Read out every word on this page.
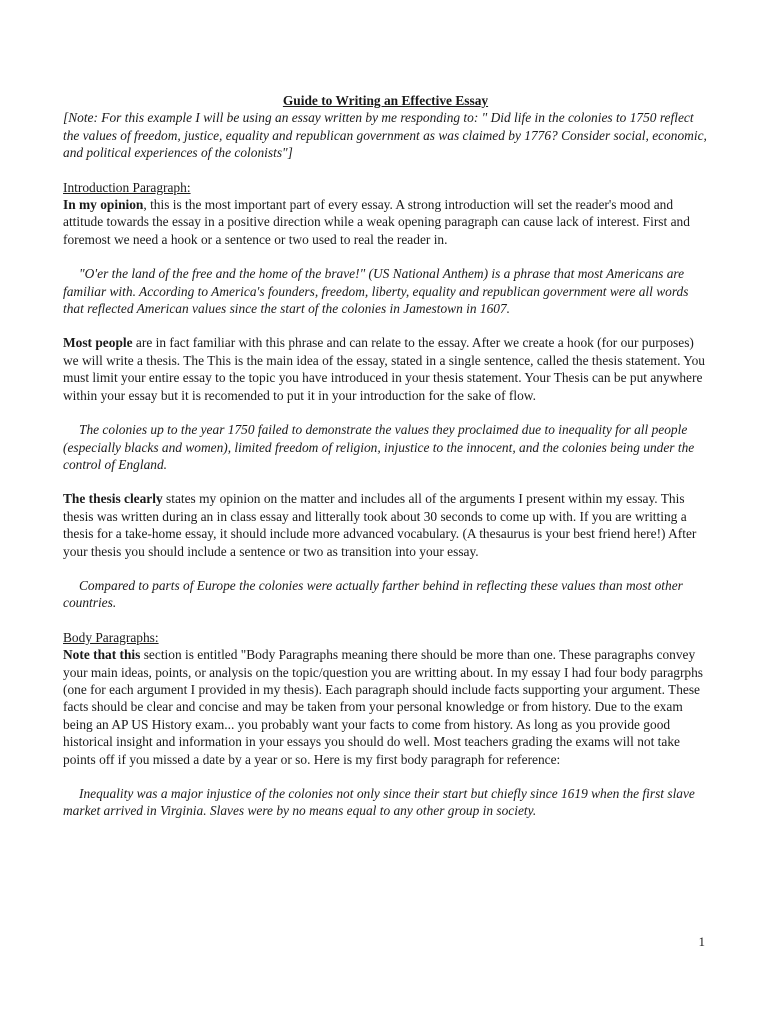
Guide to Writing an Effective Essay

[Note: For this example I will be using an essay written by me responding to: " Did life in the colonies to 1750 reflect the values of freedom, justice, equality and republican government as was claimed by 1776? Consider social, economic, and political experiences of the colonists"]

Introduction Paragraph:

In my opinion, this is the most important part of every essay. A strong introduction will set the reader's mood and attitude towards the essay in a positive direction while a weak opening paragraph can cause lack of interest. First and foremost we need a hook or a sentence or two used to real the reader in.

"O'er the land of the free and the home of the brave!" (US National Anthem) is a phrase that most Americans are familiar with. According to America's founders, freedom, liberty, equality and republican government were all words that reflected American values since the start of the colonies in Jamestown in 1607.

Most people are in fact familiar with this phrase and can relate to the essay. After we create a hook (for our purposes) we will write a thesis. The This is the main idea of the essay, stated in a single sentence, called the thesis statement. You must limit your entire essay to the topic you have introduced in your thesis statement. Your Thesis can be put anywhere within your essay but it is recomended to put it in your introduction for the sake of flow.

The colonies up to the year 1750 failed to demonstrate the values they proclaimed due to inequality for all people (especially blacks and women), limited freedom of religion, injustice to the innocent, and the colonies being under the control of England.

The thesis clearly states my opinion on the matter and includes all of the arguments I present within my essay. This thesis was written during an in class essay and litterally took about 30 seconds to come up with. If you are writting a thesis for a take-home essay, it should include more advanced vocabulary. (A thesaurus is your best friend here!) After your thesis you should include a sentence or two as transition into your essay.

Compared to parts of Europe the colonies were actually farther behind in reflecting these values than most other countries.

Body Paragraphs:

Note that this section is entitled "Body Paragraphs meaning there should be more than one. These paragraphs convey your main ideas, points, or analysis on the topic/question you are writting about. In my essay I had four body paragrphs (one for each argument I provided in my thesis). Each paragraph should include facts supporting your argument. These facts should be clear and concise and may be taken from your personal knowledge or from history. Due to the exam being an AP US History exam... you probably want your facts to come from history. As long as you provide good historical insight and information in your essays you should do well. Most teachers grading the exams will not take points off if you missed a date by a year or so. Here is my first body paragraph for reference:

Inequality was a major injustice of the colonies not only since their start but chiefly since 1619 when the first slave market arrived in Virginia. Slaves were by no means equal to any other group in society.

1
